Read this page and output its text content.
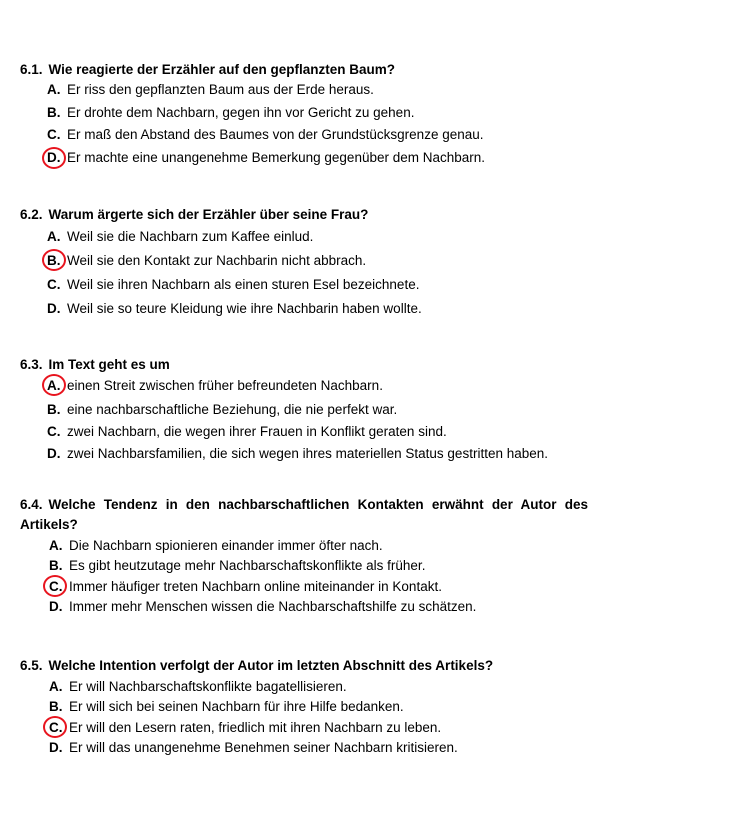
6.1. Wie reagierte der Erzähler auf den gepflanzten Baum?
A. Er riss den gepflanzten Baum aus der Erde heraus.
B. Er drohte dem Nachbarn, gegen ihn vor Gericht zu gehen.
C. Er maß den Abstand des Baumes von der Grundstücksgrenze genau.
D. Er machte eine unangenehme Bemerkung gegenüber dem Nachbarn.
6.2. Warum ärgerte sich der Erzähler über seine Frau?
A. Weil sie die Nachbarn zum Kaffee einlud.
B. Weil sie den Kontakt zur Nachbarin nicht abbrach.
C. Weil sie ihren Nachbarn als einen sturen Esel bezeichnete.
D. Weil sie so teure Kleidung wie ihre Nachbarin haben wollte.
6.3. Im Text geht es um
A. einen Streit zwischen früher befreundeten Nachbarn.
B. eine nachbarschaftliche Beziehung, die nie perfekt war.
C. zwei Nachbarn, die wegen ihrer Frauen in Konflikt geraten sind.
D. zwei Nachbarsfamilien, die sich wegen ihres materiellen Status gestritten haben.
6.4. Welche Tendenz in den nachbarschaftlichen Kontakten erwähnt der Autor des Artikels?
A. Die Nachbarn spionieren einander immer öfter nach.
B. Es gibt heutzutage mehr Nachbarschaftskonflikte als früher.
C. Immer häufiger treten Nachbarn online miteinander in Kontakt.
D. Immer mehr Menschen wissen die Nachbarschaftshilfe zu schätzen.
6.5. Welche Intention verfolgt der Autor im letzten Abschnitt des Artikels?
A. Er will Nachbarschaftskonflikte bagatellisieren.
B. Er will sich bei seinen Nachbarn für ihre Hilfe bedanken.
C. Er will den Lesern raten, friedlich mit ihren Nachbarn zu leben.
D. Er will das unangenehme Benehmen seiner Nachbarn kritisieren.
